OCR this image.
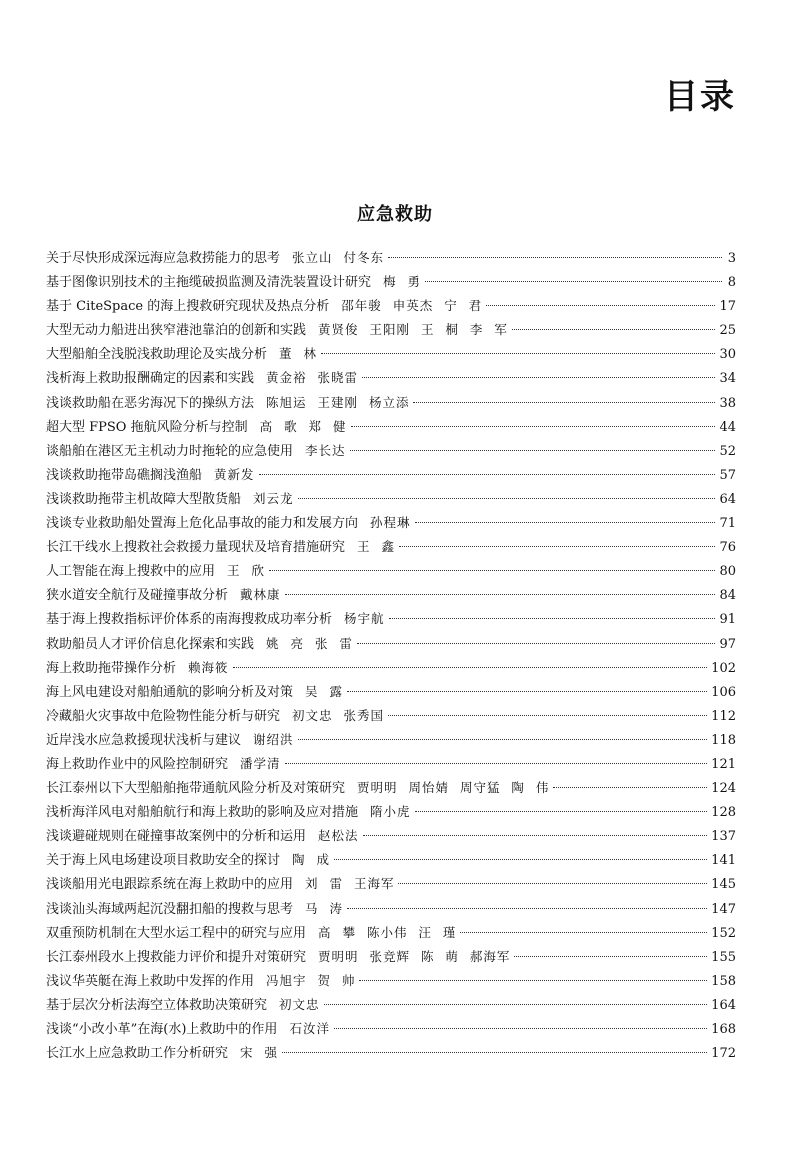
目录
应急救助
关于尽快形成深远海应急救捞能力的思考 张立山 付冬东	3
基于图像识别技术的主拖缆破损监测及清洗装置设计研究 梅 勇	8
基于 CiteSpace 的海上搜救研究现状及热点分析 邵年骏 申英杰 宁 君	17
大型无动力船进出狭窄港池靠泊的创新和实践 黄贤俊 王阳刚 王 桐 李 军	25
大型船舶全浅脱浅救助理论及实战分析 董 林	30
浅析海上救助报酬确定的因素和实践 黄金裕 张晓雷	34
浅谈救助船在恶劣海况下的操纵方法 陈旭运 王建刚 杨立添	38
超大型 FPSO 拖航风险分析与控制 高 歌 郑 健	44
谈船舶在港区无主机动力时拖轮的应急使用 李长达	52
浅谈救助拖带岛礁搁浅渔船 黄新发	57
浅谈救助拖带主机故障大型散货船 刘云龙	64
浅谈专业救助船处置海上危化品事故的能力和发展方向 孙程琳	71
长江干线水上搜救社会救援力量现状及培育措施研究 王 鑫	76
人工智能在海上搜救中的应用 王 欣	80
狭水道安全航行及碰撞事故分析 戴林康	84
基于海上搜救指标评价体系的南海搜救成功率分析 杨宇航	91
救助船员人才评价信息化探索和实践 姚 亮 张 雷	97
海上救助拖带操作分析 赖海筱	102
海上风电建设对船舶通航的影响分析及对策 吴 露	106
冷藏船火灾事故中危险物性能分析与研究 初文忠 张秀国	112
近岸浅水应急救援现状浅析与建议 谢绍洪	118
海上救助作业中的风险控制研究 潘学清	121
长江泰州以下大型船舶拖带通航风险分析及对策研究 贾明明 周怡婧 周守猛 陶 伟	124
浅析海洋风电对船舶航行和海上救助的影响及应对措施 隋小虎	128
浅谈避碰规则在碰撞事故案例中的分析和运用 赵松法	137
关于海上风电场建设项目救助安全的探讨 陶 成	141
浅谈船用光电跟踪系统在海上救助中的应用 刘 雷 王海军	145
浅谈汕头海域两起沉没翻扣船的搜救与思考 马 涛	147
双重预防机制在大型水运工程中的研究与应用 高 攀 陈小伟 汪 瑾	152
长江泰州段水上搜救能力评价和提升对策研究 贾明明 张竞辉 陈 萌 郝海军	155
浅议华英艇在海上救助中发挥的作用 冯旭宇 贺 帅	158
基于层次分析法海空立体救助决策研究 初文忠	164
浅谈“小改小革”在海(水)上救助中的作用 石汝洋	168
长江水上应急救助工作分析研究 宋 强	172
